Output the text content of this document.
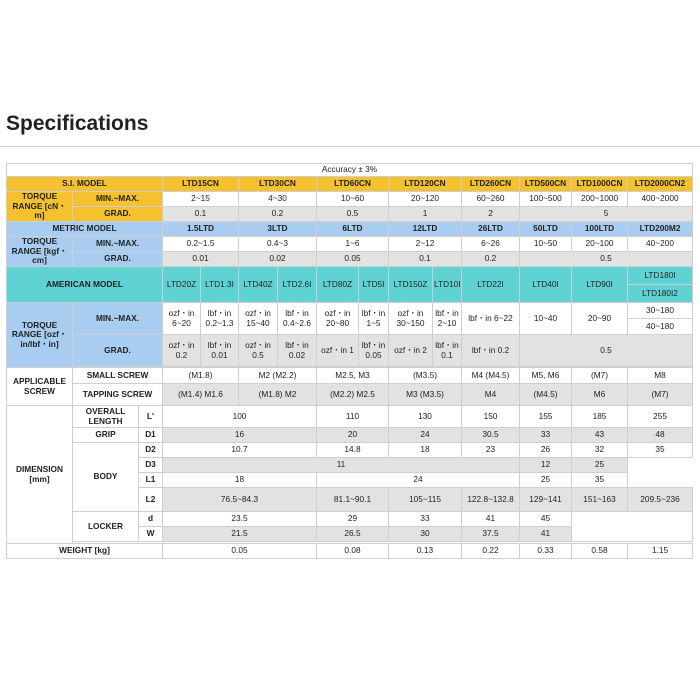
Specifications
Accuracy ± 3%														
S.I. MODEL			LTD15CN		LTD30CN		LTD60CN		LTD120CN		LTD260CN	LTD500CN	LTD1000CN	LTD2000CN2
TORQUE RANGE [cN・m]	MIN.~MAX.		2~15		4~30		10~60		20~120		60~260	100~500	200~1000	400~2000
	GRAD.		0.1		0.2		0.5		1		2	5		
METRIC MODEL			1.5LTD		3LTD		6LTD		12LTD		26LTD	50LTD	100LTD	LTD200M2
TORQUE RANGE [kgf・cm]	MIN.~MAX.		0.2~1.5		0.4~3		1~6		2~12		6~26	10~50	20~100	40~200
	GRAD.		0.01		0.02		0.05		0.1		0.2	0.5		
AMERICAN MODEL			LTD20Z	LTD1.3I	LTD40Z	LTD2.6I	LTD80Z	LTD5I	LTD150Z	LTD10I	LTD22I	LTD40I	LTD90I	LTD180I
														LTD180I2
TORQUE RANGE [ozf・in/lbf・in]	MIN.~MAX.		ozf・in 6~20	lbf・in 0.2~1.3	ozf・in 15~40	lbf・in 0.4~2.6	ozf・in 20~80	lbf・in 1~5	ozf・in 30~150	lbf・in 2~10	lbf・in 6~22	10~40	20~90	30~180
														40~180
	GRAD.		ozf・in 0.2	lbf・in 0.01	ozf・in 0.5	lbf・in 0.02	ozf・in 1	lbf・in 0.05	ozf・in 2	lbf・in 0.1	lbf・in 0.2	0.5		

APPLICABLE SCREW	SMALL SCREW		(M1.8)		M2 (M2.2)		M2.5, M3		(M3.5)		M4 (M4.5)	M5, M6	(M7)	M8
	TAPPING SCREW		(M1.4) M1.6		(M1.8) M2		(M2.2) M2.5		M3 (M3.5)		M4	(M4.5)	M6	(M7)
DIMENSION [mm]	OVERALL LENGTH	L'	100				110		130		150	155	185	255
	GRIP	D1	16				20		24		30.5	33	43	48
	BODY	D2	10.7				14.8		18		23	26	32	35
		D3	11									12	25	
		L1	18				24					25	35	
		L2	76.5~84.3				81.1~90.1		105~115		122.8~132.8	129~141	151~163	209.5~236
	LOCKER	d	23.5				29		33		41	45		
		W	21.5				26.5		30		37.5	41		

WEIGHT [kg]			0.05				0.08		0.13		0.22	0.33	0.58	1.15
